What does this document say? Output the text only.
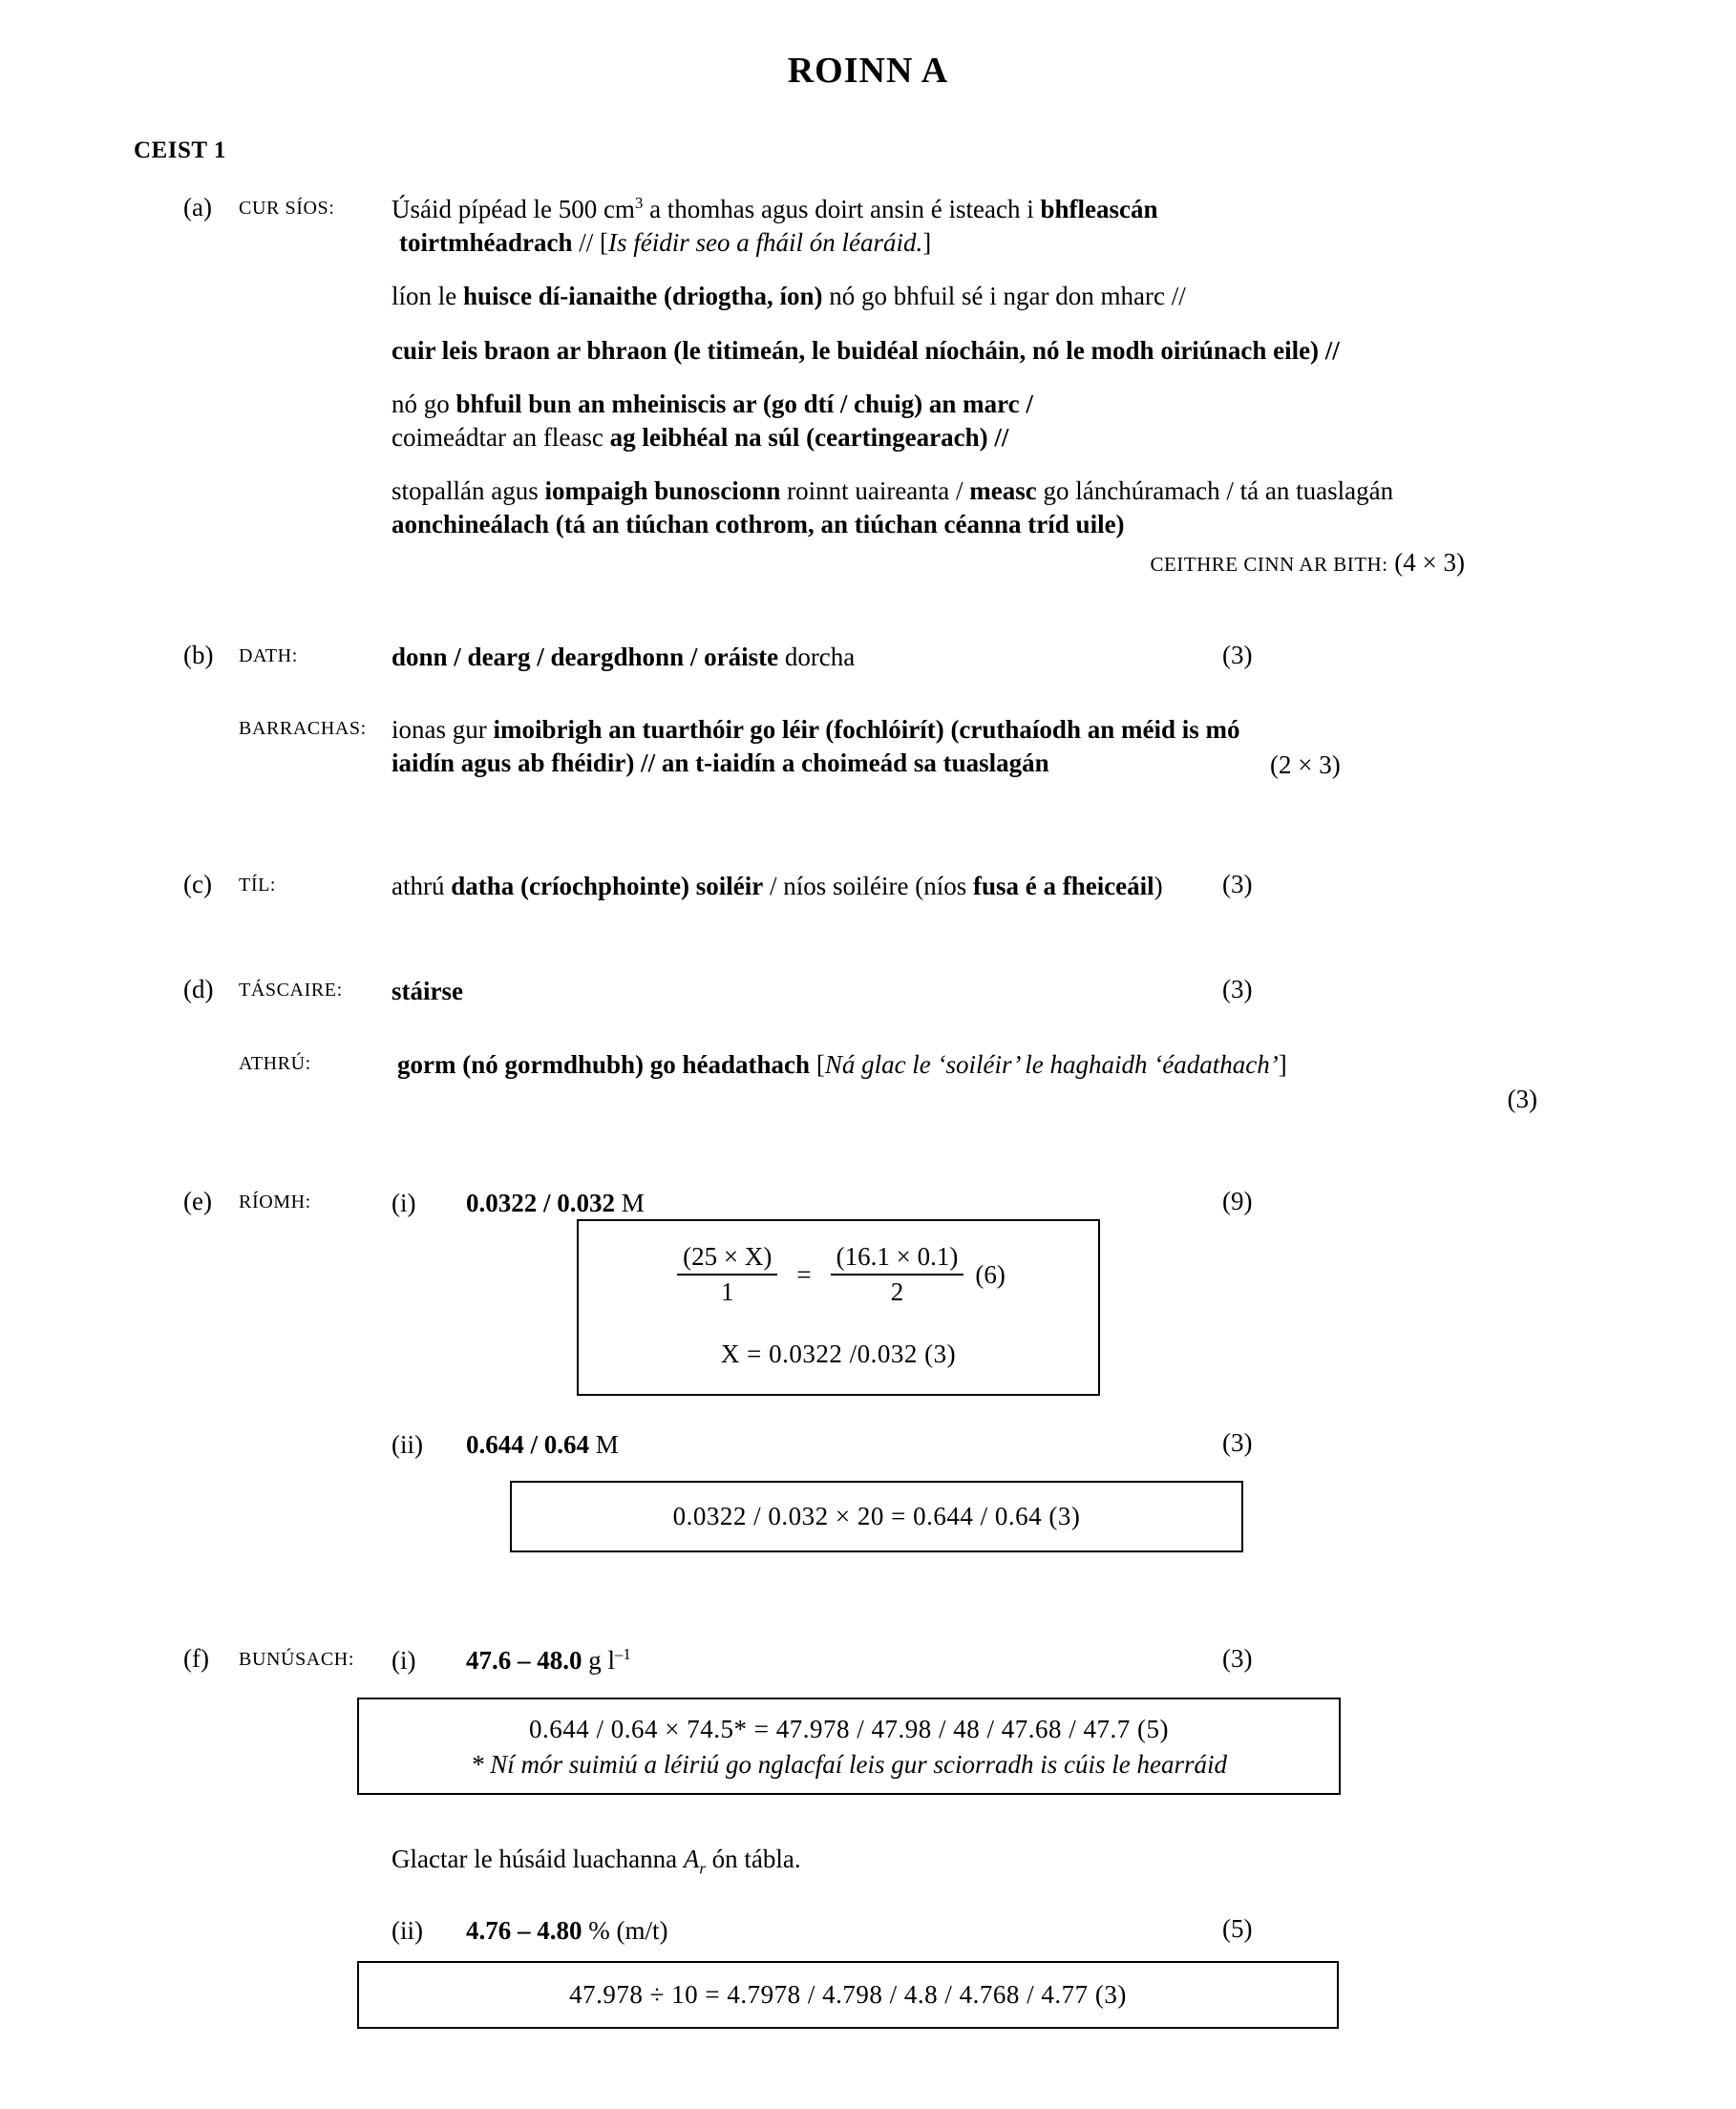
ROINN A
CEIST 1
(a)	CUR SÍOS:	Úsáid pípéad le 500 $cm^3$ a thomhas agus doirt ansin é isteach i bhfleascán
toirtmhéadrach // [Is féidir seo a fháil ón léaráid.]
líon le huisce dí-ianaithe (driogtha, íon) nó go bhfuil sé i ngar don mharc //
cuir leis braon ar bhraon (le titimeán, le buidéal níocháin, nó le modh oiriúnach eile) //
nó go bhfuil bun an mheiniscis ar (go dtí / chuig) an marc /
coimeádtar an fleasc ag leibhéal na súl (ceartingearach) //
stopallán agus iompaigh bunoscionn roinnt uaireanta / measc go lánchúramach / tá an tuaslagán aonchineálach (tá an tiúchan cothrom, an tiúchan céanna tríd uile)
CEITHRE CINN AR BITH: (4 × 3)
(b)	DATH:	donn / dearg / deargdhonn / oráiste dorcha	(3)
BARRACHAS: ionas gur imoibrigh an tuarthóir go léir (fochlóirít) (cruthaíodh an méid is mó
iaidín agus ab fhéidir) // an t-iaidín a choimeád sa tuaslagán	(2 × 3)
(c)	TÍL:	athrú datha (críochphointe) soiléir / níos soiléire (níos fusa é a fheiceáil)	(3)
(d)	TÁSCAIRE:	stáirse	(3)
ATHRÚ:	gorm (nó gormdhubh) go héadathach [Ná glac le ‘soiléir’ le haghaidh ‘éadathach’]
(3)
(e)	RÍOMH:	(i)	0.0322 / 0.032 M	(9)
$\frac{(25 \times X)}{1} = \frac{(16.1 \times 0.1)}{2} (6)$
X = 0.0322 /0.032 (3)
(ii)	0.644 / 0.64 M	(3)
0.0322 / 0.032 × 20 = 0.644 / 0.64 (3)
(f)	BUNÚSACH:	(i)	47.6 – 48.0 g $l^{-1}$	(3)
0.644 / 0.64 × 74.5* = 47.978 / 47.98 / 48 / 47.68 / 47.7 (5)
* Ní mór suimiú a léiriú go nglacfaí leis gur sciorradh is cúis le hearráid
Glactar le húsáid luachanna $A_r$ ón tábla.
(ii)	4.76 – 4.80 % (m/t)	(5)
47.978 ÷ 10 = 4.7978 / 4.798 / 4.8 / 4.768 / 4.77 (3)
